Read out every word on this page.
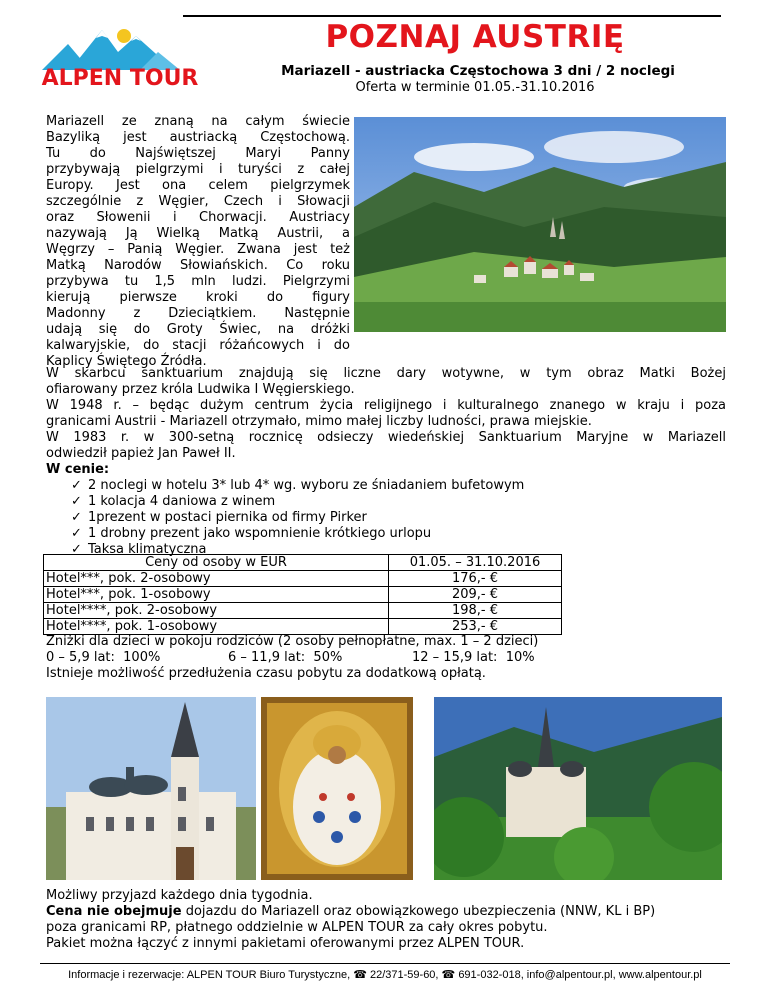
ALPEN TOUR
POZNAJ AUSTRIĘ
Mariazell - austriacka Częstochowa 3 dni / 2 noclegi
Oferta w terminie 01.05.-31.10.2016
Mariazell ze znaną na całym świecie
Bazyliką jest austriacką Częstochową.
Tu do Najświętszej Maryi Panny
przybywają pielgrzymi i turyści z całej
Europy. Jest ona celem pielgrzymek
szczególnie z Węgier, Czech i Słowacji
oraz Słowenii i Chorwacji. Austriacy
nazywają Ją Wielką Matką Austrii, a
Węgrzy – Panią Węgier. Zwana jest też
Matką Narodów Słowiańskich. Co roku
przybywa tu 1,5 mln ludzi. Pielgrzymi
kierują pierwsze kroki do figury
Madonny z Dzieciątkiem. Następnie
udają się do Groty Świec, na dróżki
kalwaryjskie, do stacji różańcowych i do
Kaplicy Świętego Źródła.
W skarbcu sanktuarium znajdują się liczne dary wotywne, w tym obraz Matki Bożej

ofiarowany przez króla Ludwika I Węgierskiego.
W 1948 r. – będąc dużym centrum życia religijnego i kulturalnego znanego w kraju i poza

granicami Austrii - Mariazell otrzymało, mimo małej liczby ludności, prawa miejskie.
W 1983 r. w 300-setną rocznicę odsieczy wiedeńskiej Sanktuarium Maryjne w Mariazell

odwiedził papież Jan Paweł II.
W cenie:
✓ 2 noclegi w hotelu 3* lub 4* wg. wyboru ze śniadaniem bufetowym
✓ 1 kolacja 4 daniowa z winem
✓ 1prezent w postaci piernika od firmy Pirker
✓ 1 drobny prezent jako wspomnienie krótkiego urlopu
✓ Taksa klimatyczna
Ceny od osoby w EUR	01.05. – 31.10.2016
Hotel***, pok. 2-osobowy	176,- €
Hotel***, pok. 1-osobowy	209,- €
Hotel****, pok. 2-osobowy	198,- €
Hotel****, pok. 1-osobowy	253,- €
Zniżki dla dzieci w pokoju rodziców (2 osoby pełnopłatne, max. 1 – 2 dzieci)
0 – 5,9 lat:  100%	6 – 11,9 lat:  50%	12 – 15,9 lat:  10%
Istnieje możliwość przedłużenia czasu pobytu za dodatkową opłatą.
Możliwy przyjazd każdego dnia tygodnia.
Cena nie obejmuje dojazdu do Mariazell oraz obowiązkowego ubezpieczenia (NNW, KL i BP)
poza granicami RP, płatnego oddzielnie w ALPEN TOUR za cały okres pobytu.
Pakiet można łączyć z innymi pakietami oferowanymi przez ALPEN TOUR.
Informacje i rezerwacje: ALPEN TOUR Biuro Turystyczne, ☎ 22/371-59-60, ☎ 691-032-018, info@alpentour.pl, www.alpentour.pl
